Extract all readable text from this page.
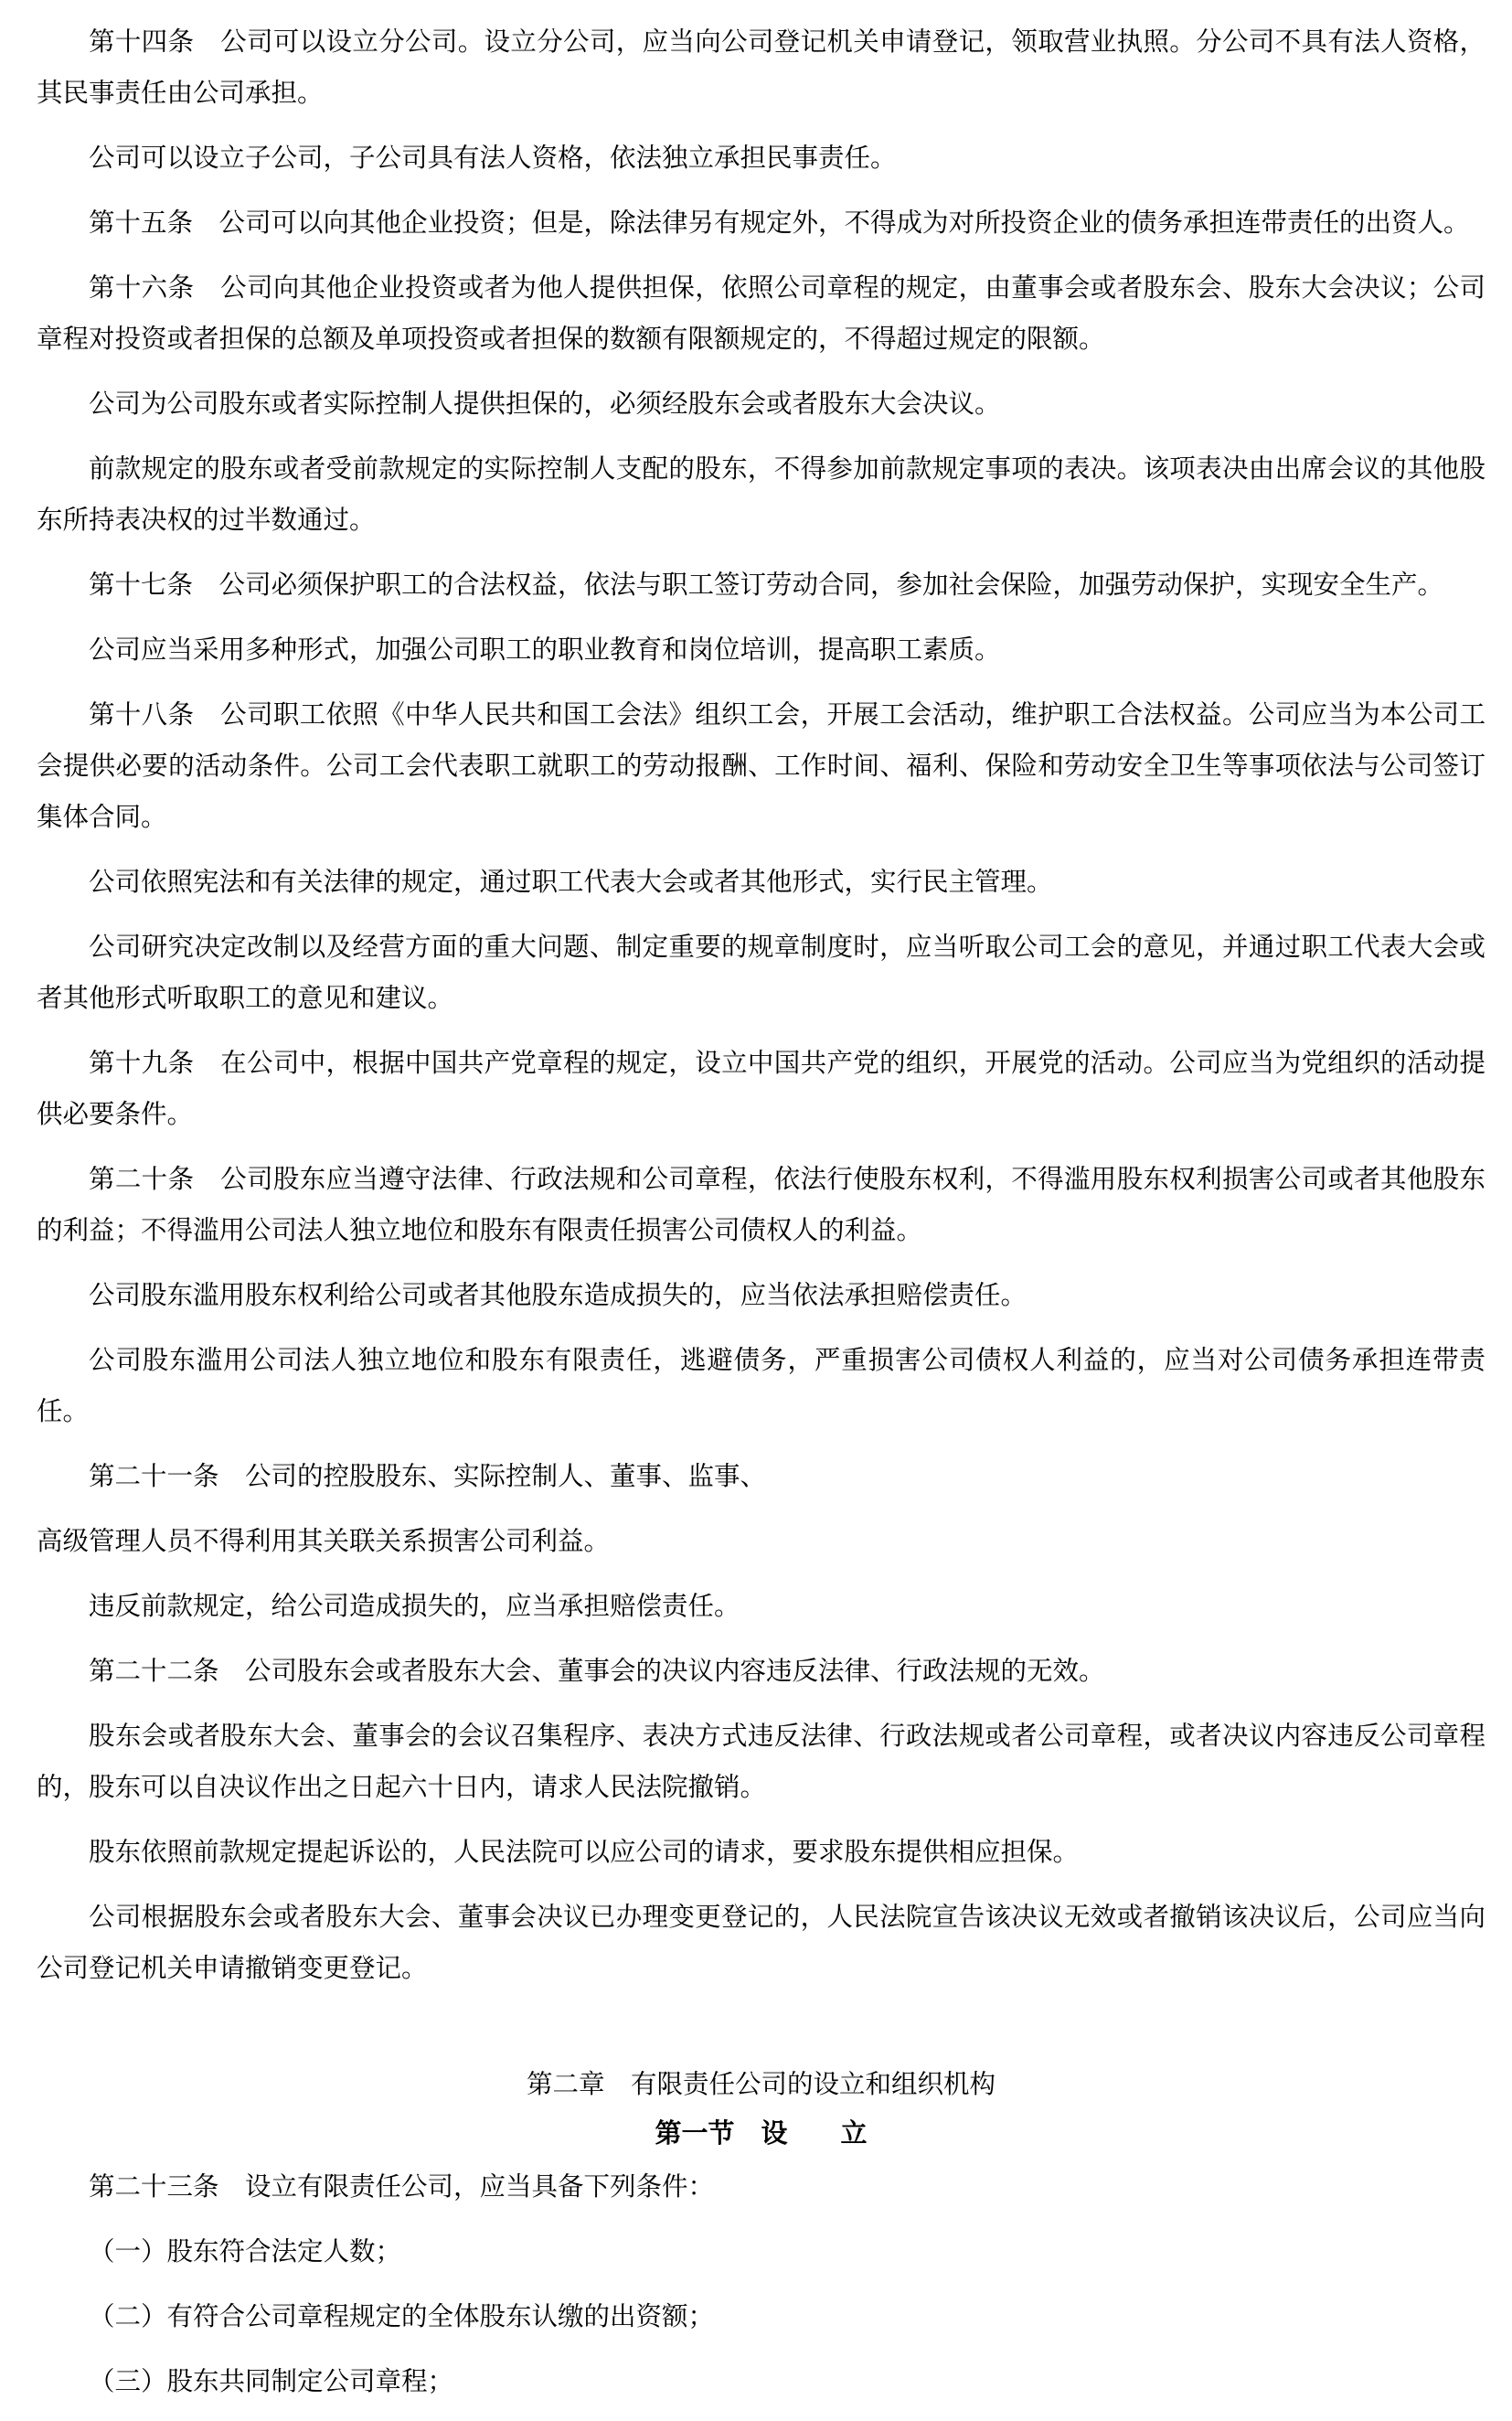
第十四条　公司可以设立分公司。设立分公司，应当向公司登记机关申请登记，领取营业执照。分公司不具有法人资格，其民事责任由公司承担。

公司可以设立子公司，子公司具有法人资格，依法独立承担民事责任。

第十五条　公司可以向其他企业投资；但是，除法律另有规定外，不得成为对所投资企业的债务承担连带责任的出资人。

第十六条　公司向其他企业投资或者为他人提供担保，依照公司章程的规定，由董事会或者股东会、股东大会决议；公司章程对投资或者担保的总额及单项投资或者担保的数额有限额规定的，不得超过规定的限额。

公司为公司股东或者实际控制人提供担保的，必须经股东会或者股东大会决议。

前款规定的股东或者受前款规定的实际控制人支配的股东，不得参加前款规定事项的表决。该项表决由出席会议的其他股东所持表决权的过半数通过。

第十七条　公司必须保护职工的合法权益，依法与职工签订劳动合同，参加社会保险，加强劳动保护，实现安全生产。

公司应当采用多种形式，加强公司职工的职业教育和岗位培训，提高职工素质。

第十八条　公司职工依照《中华人民共和国工会法》组织工会，开展工会活动，维护职工合法权益。公司应当为本公司工会提供必要的活动条件。公司工会代表职工就职工的劳动报酬、工作时间、福利、保险和劳动安全卫生等事项依法与公司签订集体合同。

公司依照宪法和有关法律的规定，通过职工代表大会或者其他形式，实行民主管理。

公司研究决定改制以及经营方面的重大问题、制定重要的规章制度时，应当听取公司工会的意见，并通过职工代表大会或者其他形式听取职工的意见和建议。

第十九条　在公司中，根据中国共产党章程的规定，设立中国共产党的组织，开展党的活动。公司应当为党组织的活动提供必要条件。

第二十条　公司股东应当遵守法律、行政法规和公司章程，依法行使股东权利，不得滥用股东权利损害公司或者其他股东的利益；不得滥用公司法人独立地位和股东有限责任损害公司债权人的利益。

公司股东滥用股东权利给公司或者其他股东造成损失的，应当依法承担赔偿责任。

公司股东滥用公司法人独立地位和股东有限责任，逃避债务，严重损害公司债权人利益的，应当对公司债务承担连带责任。

第二十一条　公司的控股股东、实际控制人、董事、监事、

高级管理人员不得利用其关联关系损害公司利益。

违反前款规定，给公司造成损失的，应当承担赔偿责任。

第二十二条　公司股东会或者股东大会、董事会的决议内容违反法律、行政法规的无效。

股东会或者股东大会、董事会的会议召集程序、表决方式违反法律、行政法规或者公司章程，或者决议内容违反公司章程的，股东可以自决议作出之日起六十日内，请求人民法院撤销。

股东依照前款规定提起诉讼的，人民法院可以应公司的请求，要求股东提供相应担保。

公司根据股东会或者股东大会、董事会决议已办理变更登记的，人民法院宣告该决议无效或者撤销该决议后，公司应当向公司登记机关申请撤销变更登记。

第二章　有限责任公司的设立和组织机构

第一节　设　　立

第二十三条　设立有限责任公司，应当具备下列条件：

（一）股东符合法定人数；

（二）有符合公司章程规定的全体股东认缴的出资额；

（三）股东共同制定公司章程；
